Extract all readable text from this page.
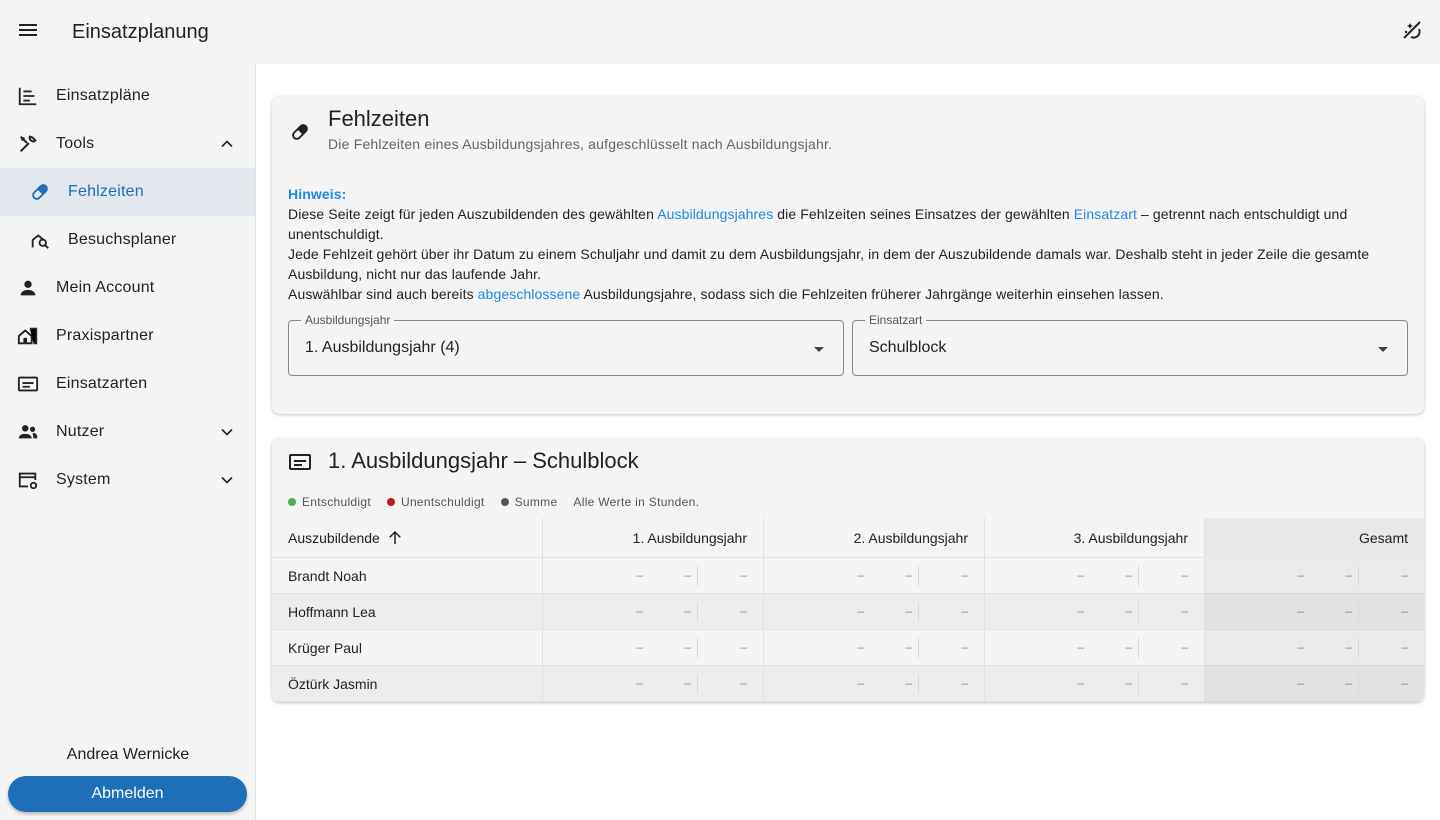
Einsatzplanung
Einsatzpläne
Tools
Fehlzeiten
Besuchsplaner
Mein Account
Praxispartner
Einsatzarten
Nutzer
System
Andrea Wernicke
Abmelden
Fehlzeiten
Die Fehlzeiten eines Ausbildungsjahres, aufgeschlüsselt nach Ausbildungsjahr.
Hinweis:
Diese Seite zeigt für jeden Auszubildenden des gewählten Ausbildungsjahres die Fehlzeiten seines Einsatzes der gewählten Einsatzart – getrennt nach entschuldigt und unentschuldigt.
Jede Fehlzeit gehört über ihr Datum zu einem Schuljahr und damit zu dem Ausbildungsjahr, in dem der Auszubildende damals war. Deshalb steht in jeder Zeile die gesamte Ausbildung, nicht nur das laufende Jahr.
Auswählbar sind auch bereits abgeschlossene Ausbildungsjahre, sodass sich die Fehlzeiten früherer Jahrgänge weiterhin einsehen lassen.
Ausbildungsjahr
1. Ausbildungsjahr (4)
Einsatzart
Schulblock
1. Ausbildungsjahr – Schulblock
Entschuldigt	Unentschuldigt	Summe Alle Werte in Stunden.
Auszubildende	1. Ausbildungsjahr	2. Ausbildungsjahr	3. Ausbildungsjahr	Gesamt
Brandt Noah	–	–	–	–	–	–	–	–	–	–	–	–
Hoffmann Lea	–	–	–	–	–	–	–	–	–	–	–	–
Krüger Paul	–	–	–	–	–	–	–	–	–	–	–	–
Öztürk Jasmin	–	–	–	–	–	–	–	–	–	–	–	–
